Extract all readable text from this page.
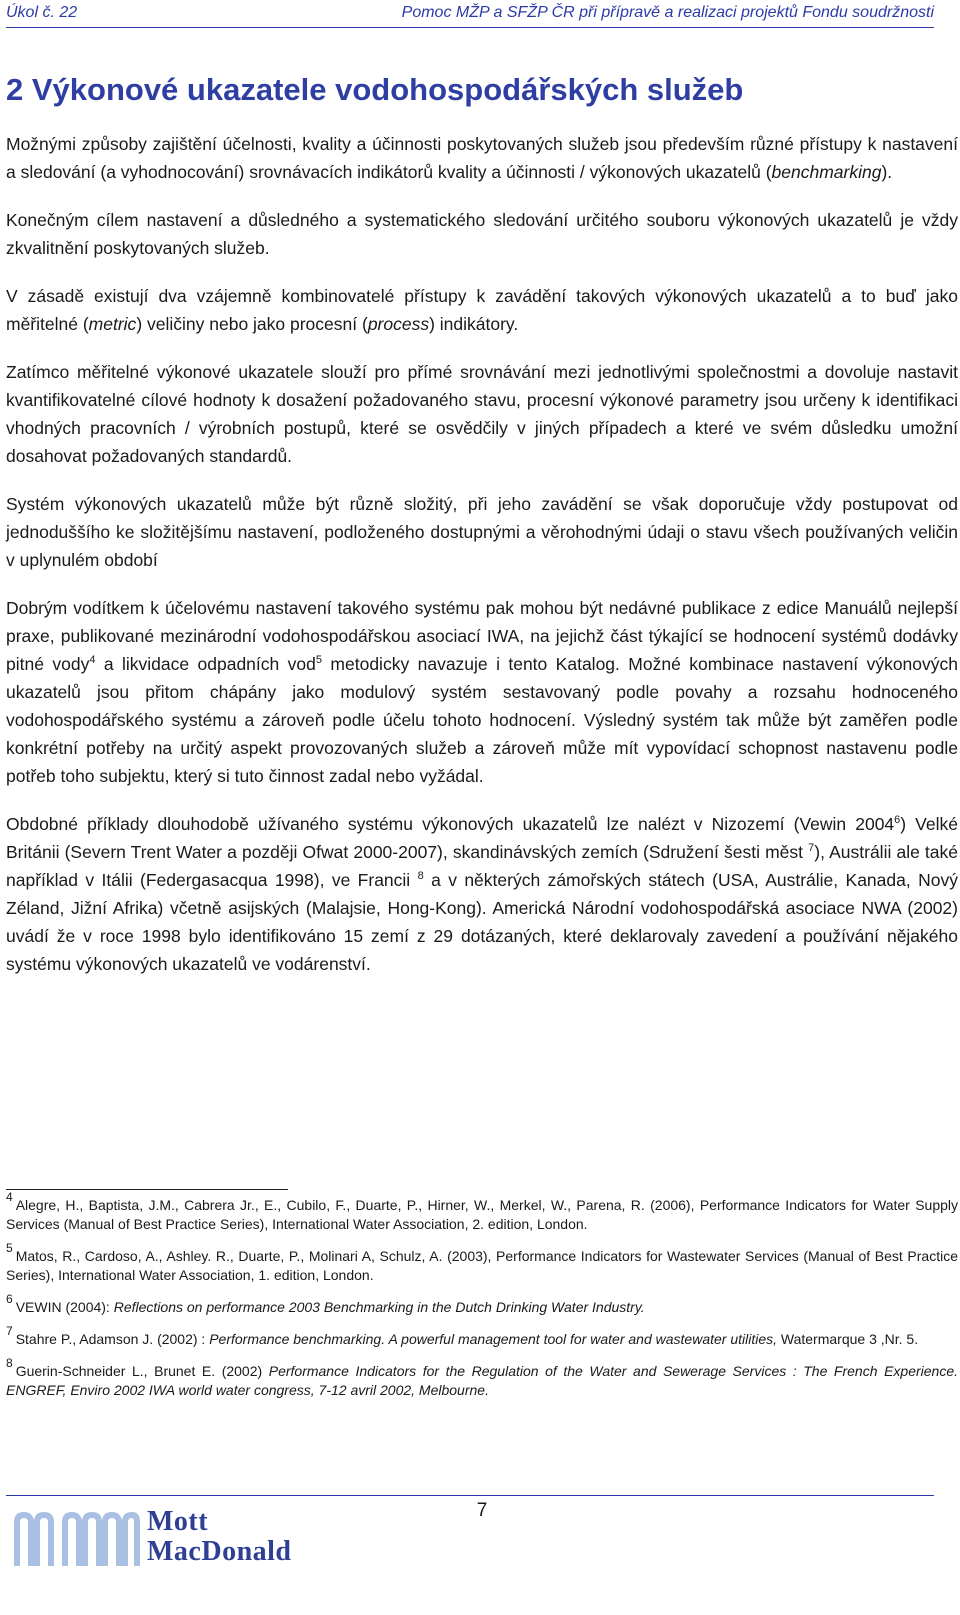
Úkol č. 22	Pomoc MŽP a SFŽP ČR při přípravě a realizaci projektů Fondu soudržnosti
2 Výkonové ukazatele vodohospodářských služeb

Možnými způsoby zajištění účelnosti, kvality a účinnosti poskytovaných služeb jsou především různé přístupy k nastavení a sledování (a vyhodnocování) srovnávacích indikátorů kvality a účinnosti / výkonových ukazatelů (benchmarking).

Konečným cílem nastavení a důsledného a systematického sledování určitého souboru výkonových ukazatelů je vždy zkvalitnění poskytovaných služeb.

V zásadě existují dva vzájemně kombinovatelé přístupy k zavádění takových výkonových ukazatelů a to buď jako měřitelné (metric) veličiny nebo jako procesní (process) indikátory.

Zatímco měřitelné výkonové ukazatele slouží pro přímé srovnávání mezi jednotlivými společnostmi a dovoluje nastavit kvantifikovatelné cílové hodnoty k dosažení požadovaného stavu, procesní výkonové parametry jsou určeny k identifikaci vhodných pracovních / výrobních postupů, které se osvědčily v jiných případech a které ve svém důsledku umožní dosahovat požadovaných standardů.

Systém výkonových ukazatelů může být různě složitý, při jeho zavádění se však doporučuje vždy postupovat od jednoduššího ke složitějšímu nastavení, podloženého dostupnými a věrohodnými údaji o stavu všech používaných veličin v uplynulém období

Dobrým vodítkem k účelovému nastavení takového systému pak mohou být nedávné publikace z edice Manuálů nejlepší praxe, publikované mezinárodní vodohospodářskou asociací IWA, na jejichž část týkající se hodnocení systémů dodávky pitné vody$^4$ a likvidace odpadních vod$^5$ metodicky navazuje i tento Katalog. Možné kombinace nastavení výkonových ukazatelů jsou přitom chápány jako modulový systém sestavovaný podle povahy a rozsahu hodnoceného vodohospodářského systému a zároveň podle účelu tohoto hodnocení. Výsledný systém tak může být zaměřen podle konkrétní potřeby na určitý aspekt provozovaných služeb a zároveň může mít vypovídací schopnost nastavenu podle potřeb toho subjektu, který si tuto činnost zadal nebo vyžádal.

Obdobné příklady dlouhodobě užívaného systému výkonových ukazatelů lze nalézt v Nizozemí (Vewin 2004$^6$) Velké Británii (Severn Trent Water a později Ofwat 2000-2007), skandinávských zemích (Sdružení šesti měst $^7$), Austrálii ale také například v Itálii (Federgasacqua 1998), ve Francii $^8$ a v některých zámořských státech (USA, Austrálie, Kanada, Nový Zéland, Jižní Afrika) včetně asijských (Malajsie, Hong-Kong). Americká Národní vodohospodářská asociace NWA (2002) uvádí že v roce 1998 bylo identifikováno 15 zemí z 29 dotázaných, které deklarovaly zavedení a používání nějakého systému výkonových ukazatelů ve vodárenství.

$^4$ Alegre, H., Baptista, J.M., Cabrera Jr., E., Cubilo, F., Duarte, P., Hirner, W., Merkel, W., Parena, R. (2006), Performance Indicators for Water Supply Services (Manual of Best Practice Series), International Water Association, 2. edition, London.

$^5$ Matos, R., Cardoso, A., Ashley. R., Duarte, P., Molinari A, Schulz, A. (2003), Performance Indicators for Wastewater Services (Manual of Best Practice Series), International Water Association, 1. edition, London.

$^6$ VEWIN (2004): Reflections on performance 2003 Benchmarking in the Dutch Drinking Water Industry.

$^7$ Stahre P., Adamson J. (2002) : Performance benchmarking. A powerful management tool for water and wastewater utilities, Watermarque 3 ,Nr. 5.

$^8$ Guerin-Schneider L., Brunet E. (2002) Performance Indicators for the Regulation of the Water and Sewerage Services : The French Experience. ENGREF, Enviro 2002 IWA world water congress, 7-12 avril 2002, Melbourne.

7
Mott
MacDonald
